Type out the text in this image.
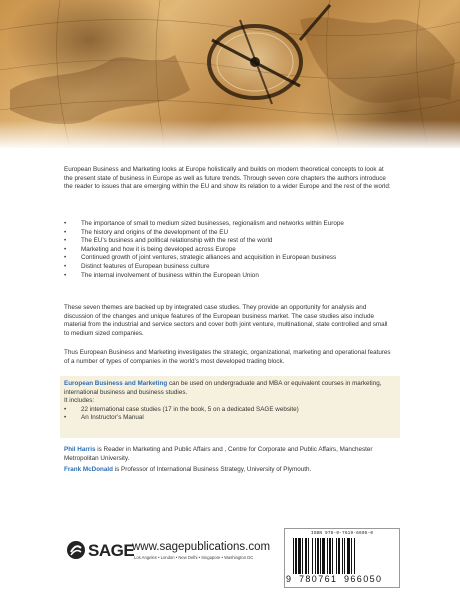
European Business and Marketing looks at Europe holistically and builds on modern theoretical concepts to look at the present state of business in Europe as well as future trends. Through seven core chapters the authors introduce the reader to issues that are emerging within the EU and show its relation to a wider Europe and the rest of the world:

• The importance of small to medium sized businesses, regionalism and networks within Europe
• The history and origins of the development of the EU
• The EU’s business and political relationship with the rest of the world
• Marketing and how it is being developed across Europe
• Continued growth of joint ventures, strategic alliances and acquisition in European business
• Distinct features of European business culture
• The internal involvement of business within the European Union

These seven themes are backed up by integrated case studies. They provide an opportunity for analysis and discussion of the changes and unique features of the European business market. The case studies also include material from the industrial and service sectors and cover both joint venture, multinational, state controlled and small to medium sized companies.

Thus European Business and Marketing investigates the strategic, organizational, marketing and operational features of a number of types of companies in the world’s most developed trading block.

European Business and Marketing can be used on undergraduate and MBA or equivalent courses in marketing, international business and business studies.
It includes:
• 22 international case studies (17 in the book, 5 on a dedicated SAGE website)
• An Instructor’s Manual

Phil Harris is Reader in Marketing and Public Affairs and , Centre for Corporate and Public Affairs, Manchester Metropolitan University.

Frank McDonald is Professor of International Business Strategy, University of Plymouth.

SAGE
www.sagepublications.com
Los Angeles • London • New Delhi • Singapore • Washington DC
ISBN 978-0-7619-6605-0
9 780761 966050
